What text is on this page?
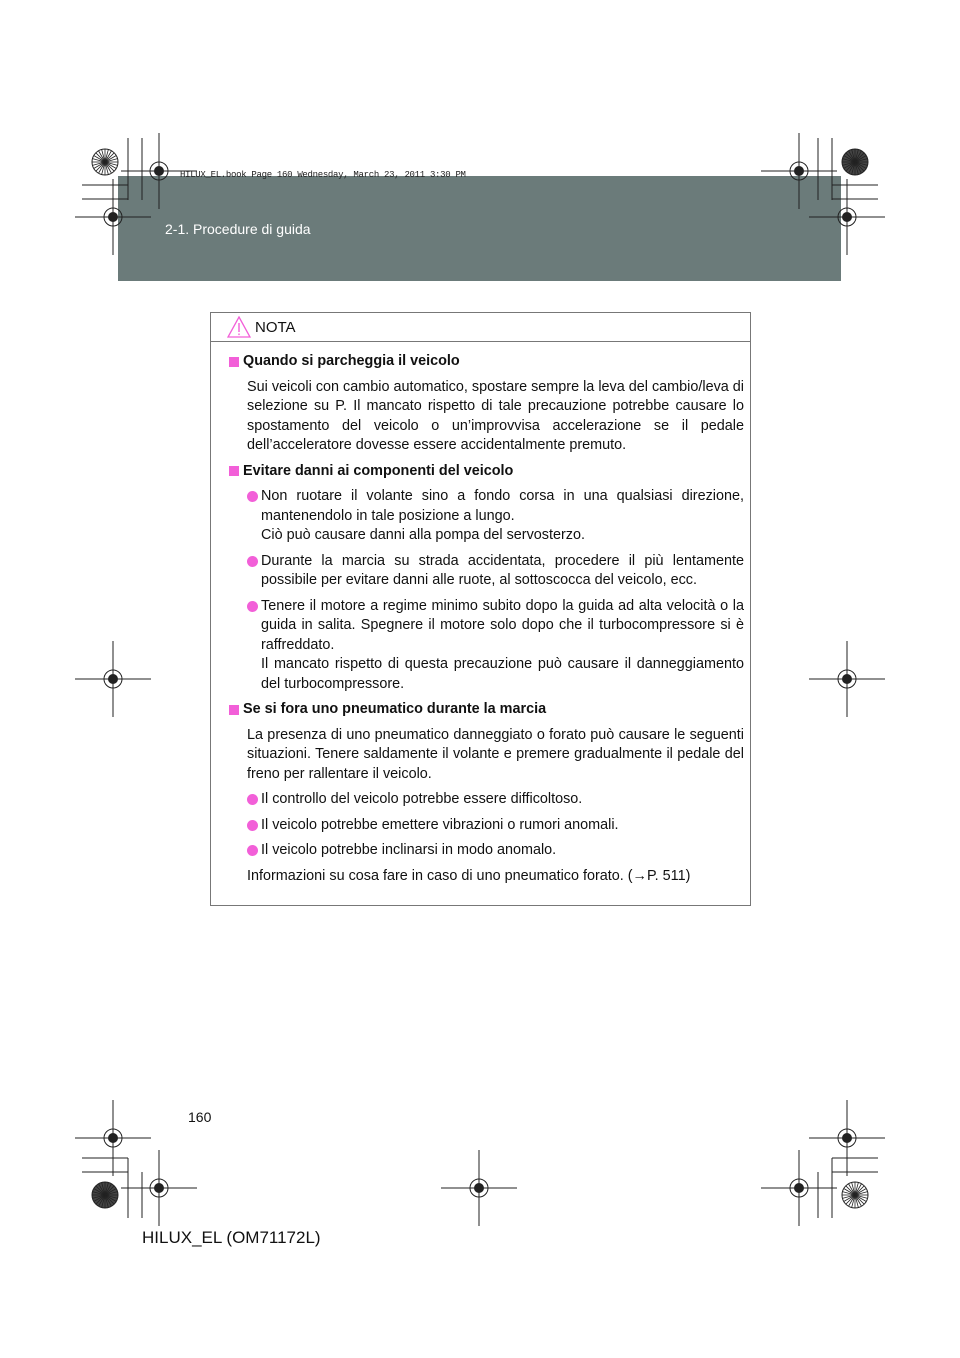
HILUX_EL.book Page 160 Wednesday, March 23, 2011 3:30 PM
2-1. Procedure di guida
NOTA
Quando si parcheggia il veicolo
Sui veicoli con cambio automatico, spostare sempre la leva del cambio/leva di selezione su P. Il mancato rispetto di tale precauzione potrebbe causare lo spostamento del veicolo o un’improvvisa accelerazione se il pedale dell’acceleratore dovesse essere accidentalmente premuto.
Evitare danni ai componenti del veicolo
Non ruotare il volante sino a fondo corsa in una qualsiasi direzione, mantenendolo in tale posizione a lungo.
Ciò può causare danni alla pompa del servosterzo.
Durante la marcia su strada accidentata, procedere il più lentamente possibile per evitare danni alle ruote, al sottoscocca del veicolo, ecc.
Tenere il motore a regime minimo subito dopo la guida ad alta velocità o la guida in salita. Spegnere il motore solo dopo che il turbocompressore si è raffreddato.
Il mancato rispetto di questa precauzione può causare il danneggiamento del turbocompressore.
Se si fora uno pneumatico durante la marcia
La presenza di uno pneumatico danneggiato o forato può causare le seguenti situazioni. Tenere saldamente il volante e premere gradualmente il pedale del freno per rallentare il veicolo.
Il controllo del veicolo potrebbe essere difficoltoso.
Il veicolo potrebbe emettere vibrazioni o rumori anomali.
Il veicolo potrebbe inclinarsi in modo anomalo.
Informazioni su cosa fare in caso di uno pneumatico forato. (→P. 511)
160
HILUX_EL (OM71172L)
